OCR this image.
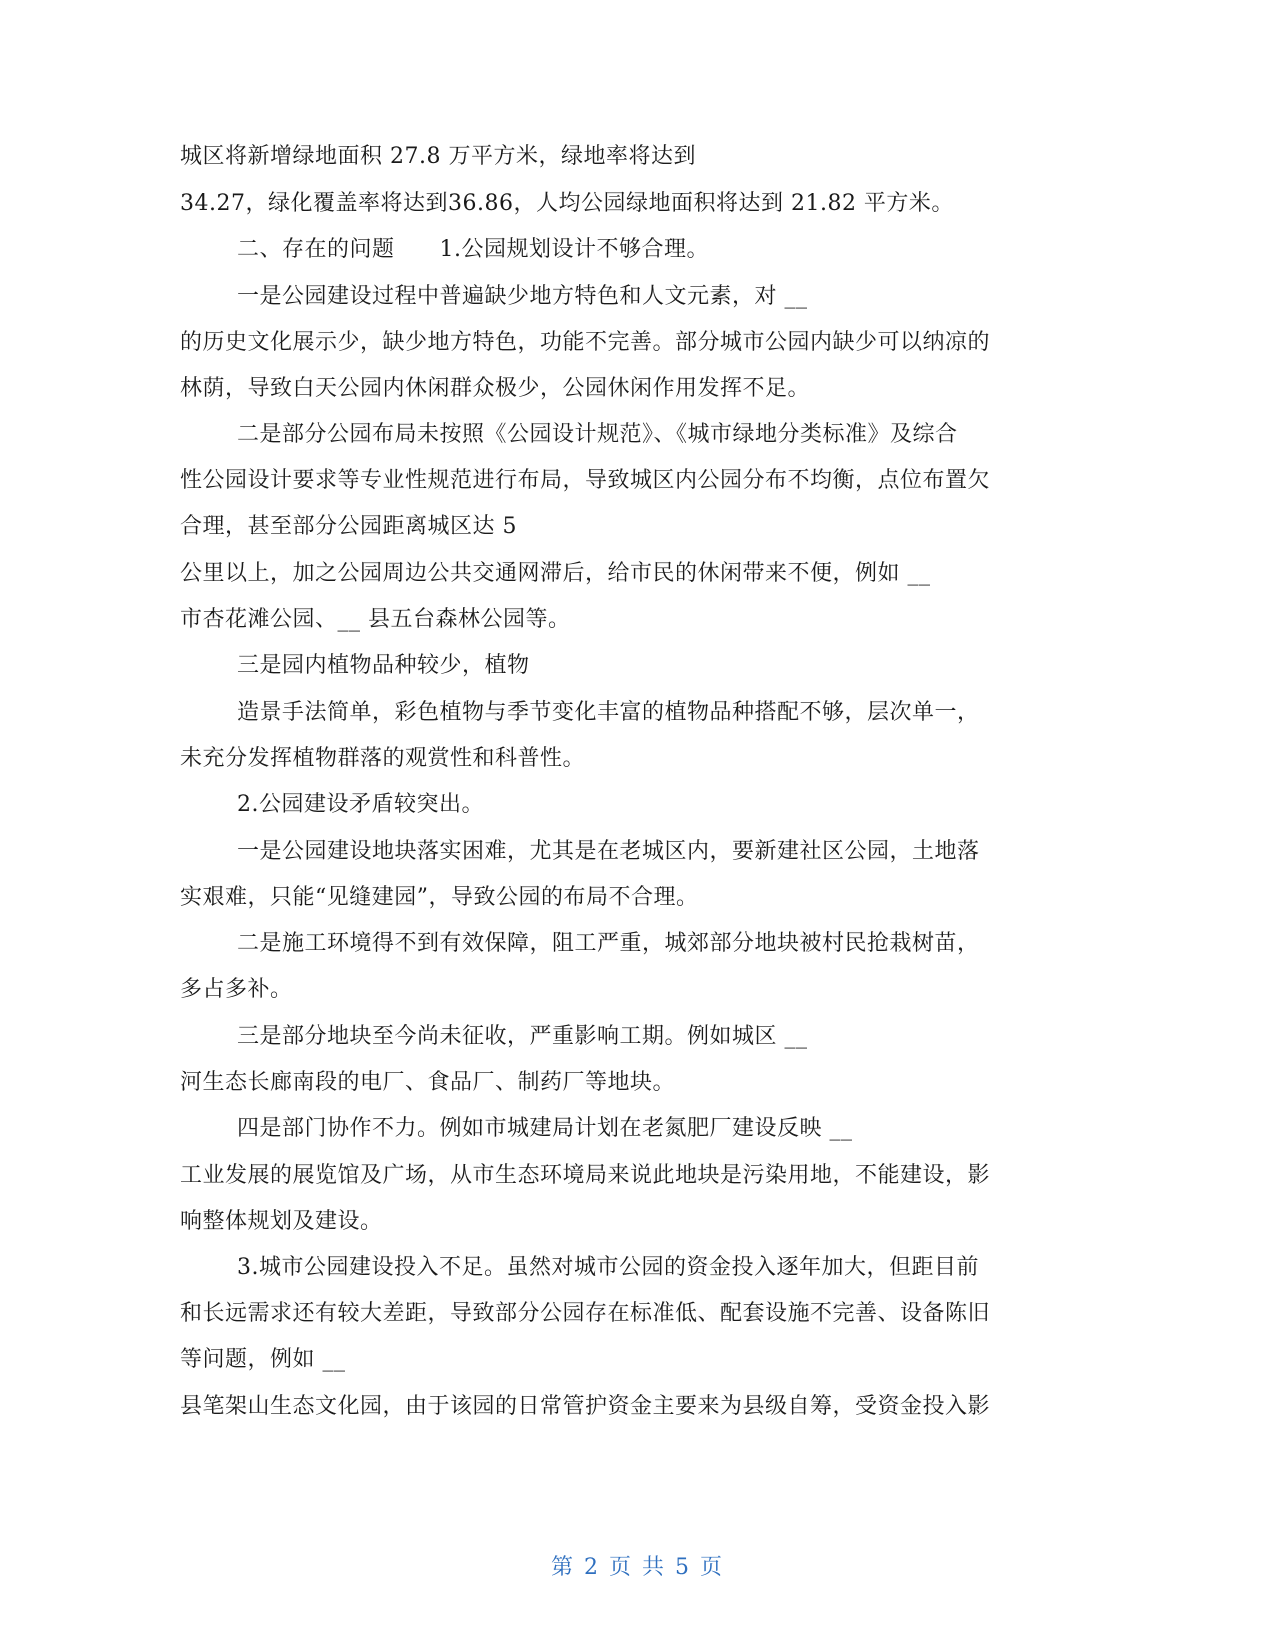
城区将新增绿地面积 27.8 万平方米，绿地率将达到
34.27，绿化覆盖率将达到36.86，人均公园绿地面积将达到 21.82 平方米。
二、存在的问题　　1.公园规划设计不够合理。
一是公园建设过程中普遍缺少地方特色和人文元素，对 __
的历史文化展示少，缺少地方特色，功能不完善。部分城市公园内缺少可以纳凉的
林荫，导致白天公园内休闲群众极少，公园休闲作用发挥不足。
二是部分公园布局未按照《公园设计规范》、《城市绿地分类标准》及综合
性公园设计要求等专业性规范进行布局，导致城区内公园分布不均衡，点位布置欠
合理，甚至部分公园距离城区达 5
公里以上，加之公园周边公共交通网滞后，给市民的休闲带来不便，例如 __
市杏花滩公园、__ 县五台森林公园等。
三是园内植物品种较少，植物
造景手法简单，彩色植物与季节变化丰富的植物品种搭配不够，层次单一，
未充分发挥植物群落的观赏性和科普性。
2.公园建设矛盾较突出。
一是公园建设地块落实困难，尤其是在老城区内，要新建社区公园，土地落
实艰难，只能“见缝建园”，导致公园的布局不合理。
二是施工环境得不到有效保障，阻工严重，城郊部分地块被村民抢栽树苗，
多占多补。
三是部分地块至今尚未征收，严重影响工期。例如城区 __
河生态长廊南段的电厂、食品厂、制药厂等地块。
四是部门协作不力。例如市城建局计划在老氮肥厂建设反映 __
工业发展的展览馆及广场，从市生态环境局来说此地块是污染用地，不能建设，影
响整体规划及建设。
3.城市公园建设投入不足。虽然对城市公园的资金投入逐年加大，但距目前
和长远需求还有较大差距，导致部分公园存在标准低、配套设施不完善、设备陈旧
等问题，例如 __
县笔架山生态文化园，由于该园的日常管护资金主要来为县级自筹，受资金投入影
第 2 页 共 5 页
